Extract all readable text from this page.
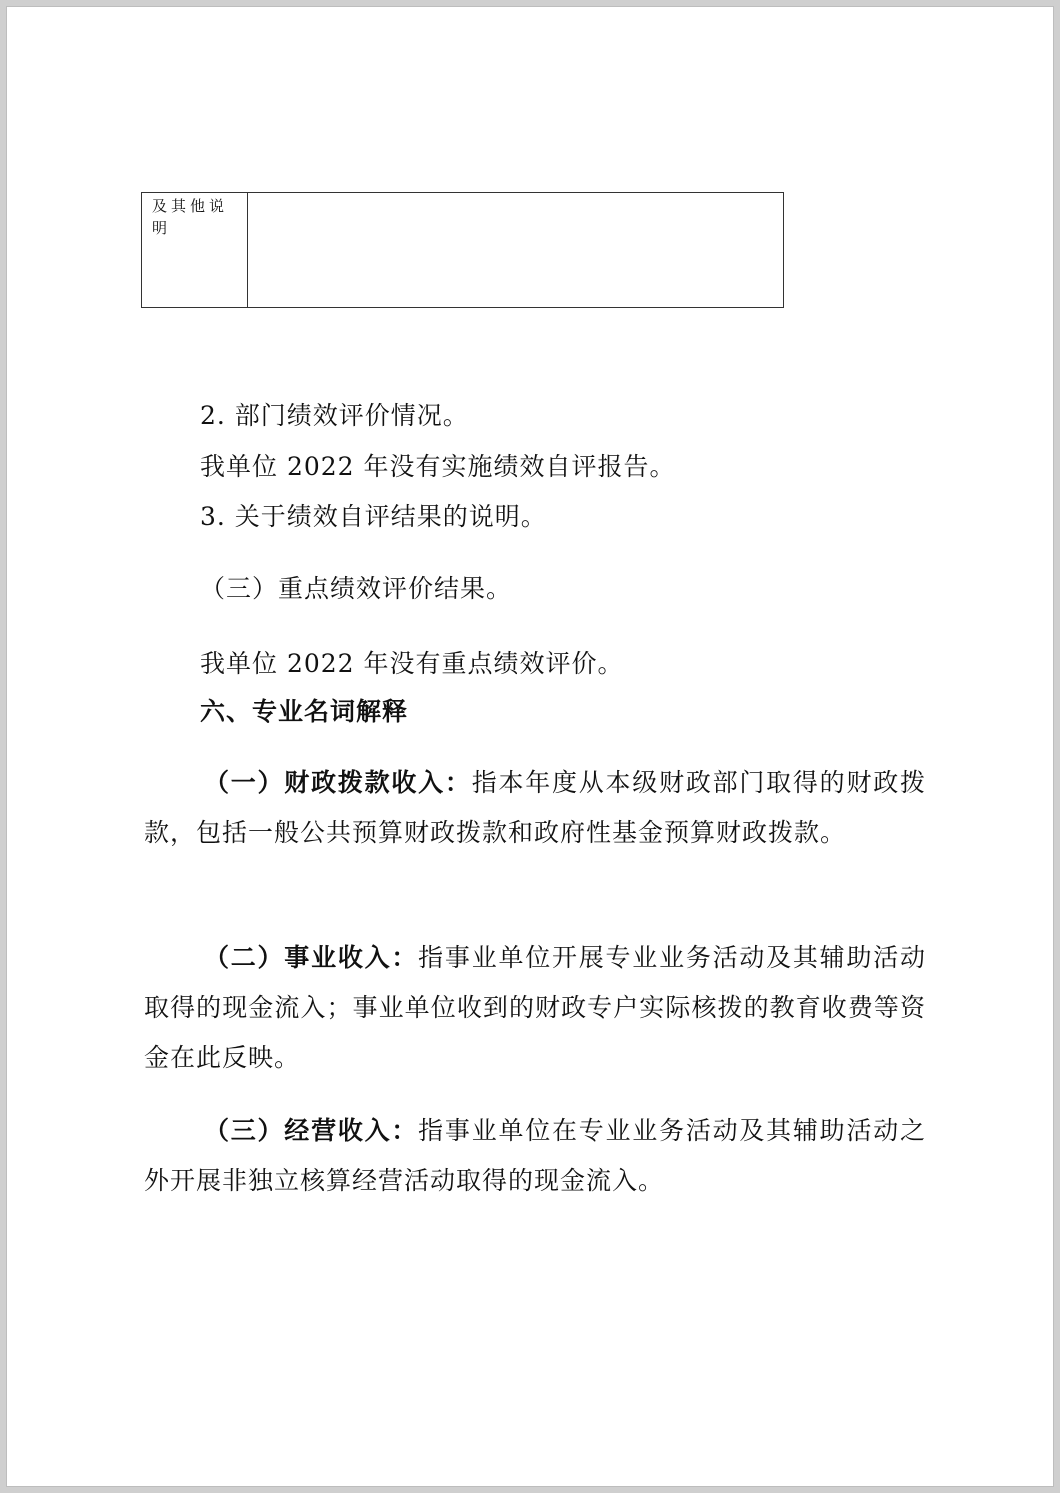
及其他说明
2. 部门绩效评价情况。
我单位 2022 年没有实施绩效自评报告。
3. 关于绩效自评结果的说明。
（三）重点绩效评价结果。
我单位 2022 年没有重点绩效评价。
六、专业名词解释
（一）财政拨款收入：指本年度从本级财政部门取得的财政拨款，包括一般公共预算财政拨款和政府性基金预算财政拨款。
（二）事业收入：指事业单位开展专业业务活动及其辅助活动取得的现金流入；事业单位收到的财政专户实际核拨的教育收费等资金在此反映。
（三）经营收入：指事业单位在专业业务活动及其辅助活动之外开展非独立核算经营活动取得的现金流入。
